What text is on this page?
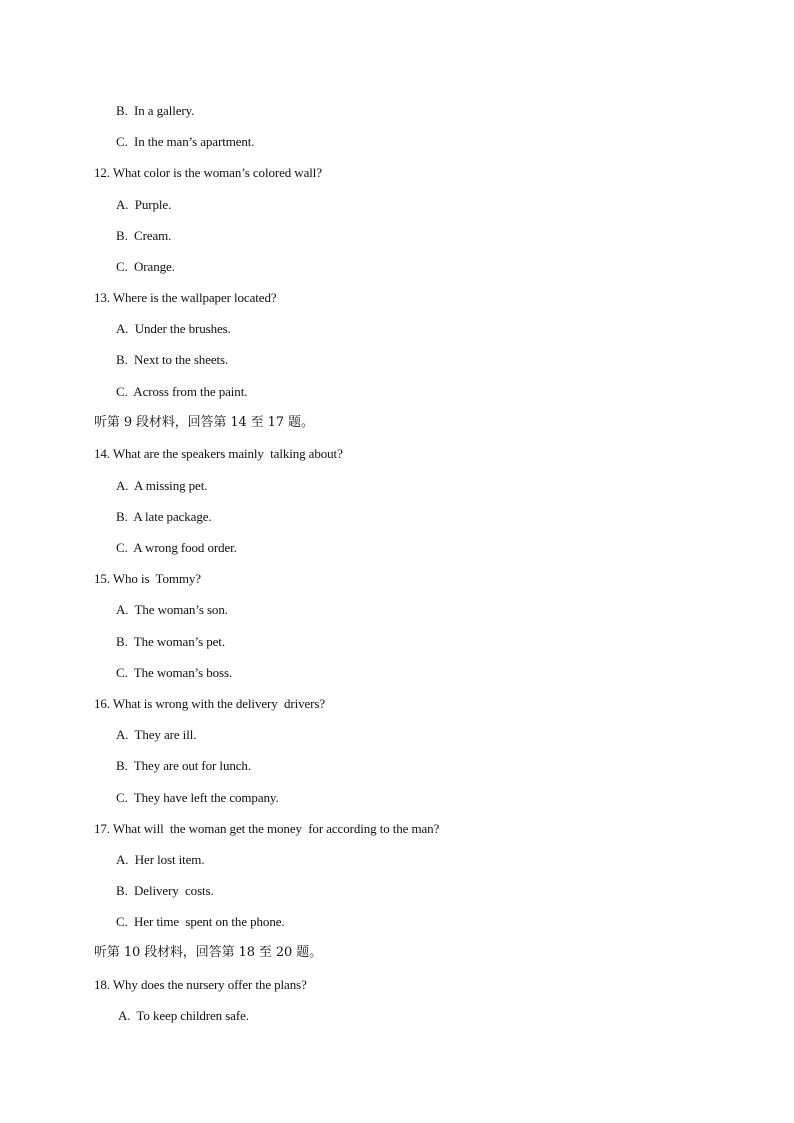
B.  In a gallery.
C.  In the man’s apartment.
12. What color is the woman’s colored wall?
A.  Purple.
B.  Cream.
C.  Orange.
13. Where is the wallpaper located?
A.  Under the brushes.
B.  Next to the sheets.
C.  Across from the paint.
听第 9 段材料，回答第 14 至 17 题。
14. What are the speakers mainly  talking about?
A.  A missing pet.
B.  A late package.
C.  A wrong food order.
15. Who is  Tommy?
A.  The woman’s son.
B.  The woman’s pet.
C.  The woman’s boss.
16. What is wrong with the delivery  drivers?
A.  They are ill.
B.  They are out for lunch.
C.  They have left the company.
17. What will  the woman get the money  for according to the man?
A.  Her lost item.
B.  Delivery  costs.
C.  Her time  spent on the phone.
听第 10 段材料，回答第 18 至 20 题。
18. Why does the nursery offer the plans?
A.  To keep children safe.
